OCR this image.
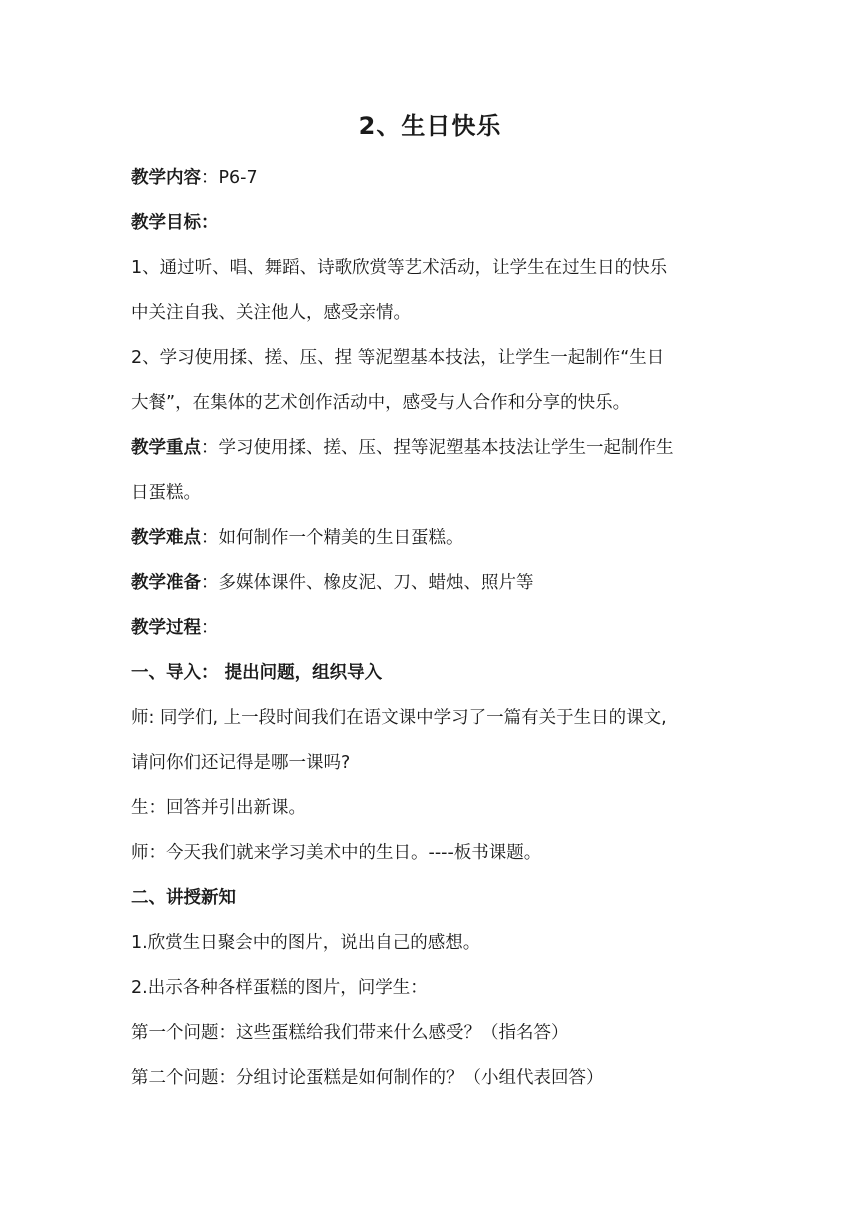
2、生日快乐
教学内容：P6-7
教学目标：
1、通过听、唱、舞蹈、诗歌欣赏等艺术活动，让学生在过生日的快乐
中关注自我、关注他人，感受亲情。
2、学习使用揉、搓、压、捏 等泥塑基本技法，让学生一起制作“生日
大餐”，在集体的艺术创作活动中，感受与人合作和分享的快乐。
教学重点：学习使用揉、搓、压、捏等泥塑基本技法让学生一起制作生
日蛋糕。
教学难点：如何制作一个精美的生日蛋糕。
教学准备：多媒体课件、橡皮泥、刀、蜡烛、照片等
教学过程：
一、导入： 提出问题，组织导入
师: 同学们, 上一段时间我们在语文课中学习了一篇有关于生日的课文,
请问你们还记得是哪一课吗?
生：回答并引出新课。
师：今天我们就来学习美术中的生日。----板书课题。
二、讲授新知
1.欣赏生日聚会中的图片，说出自己的感想。
2.出示各种各样蛋糕的图片，问学生：
第一个问题：这些蛋糕给我们带来什么感受？（指名答）
第二个问题：分组讨论蛋糕是如何制作的？（小组代表回答）
